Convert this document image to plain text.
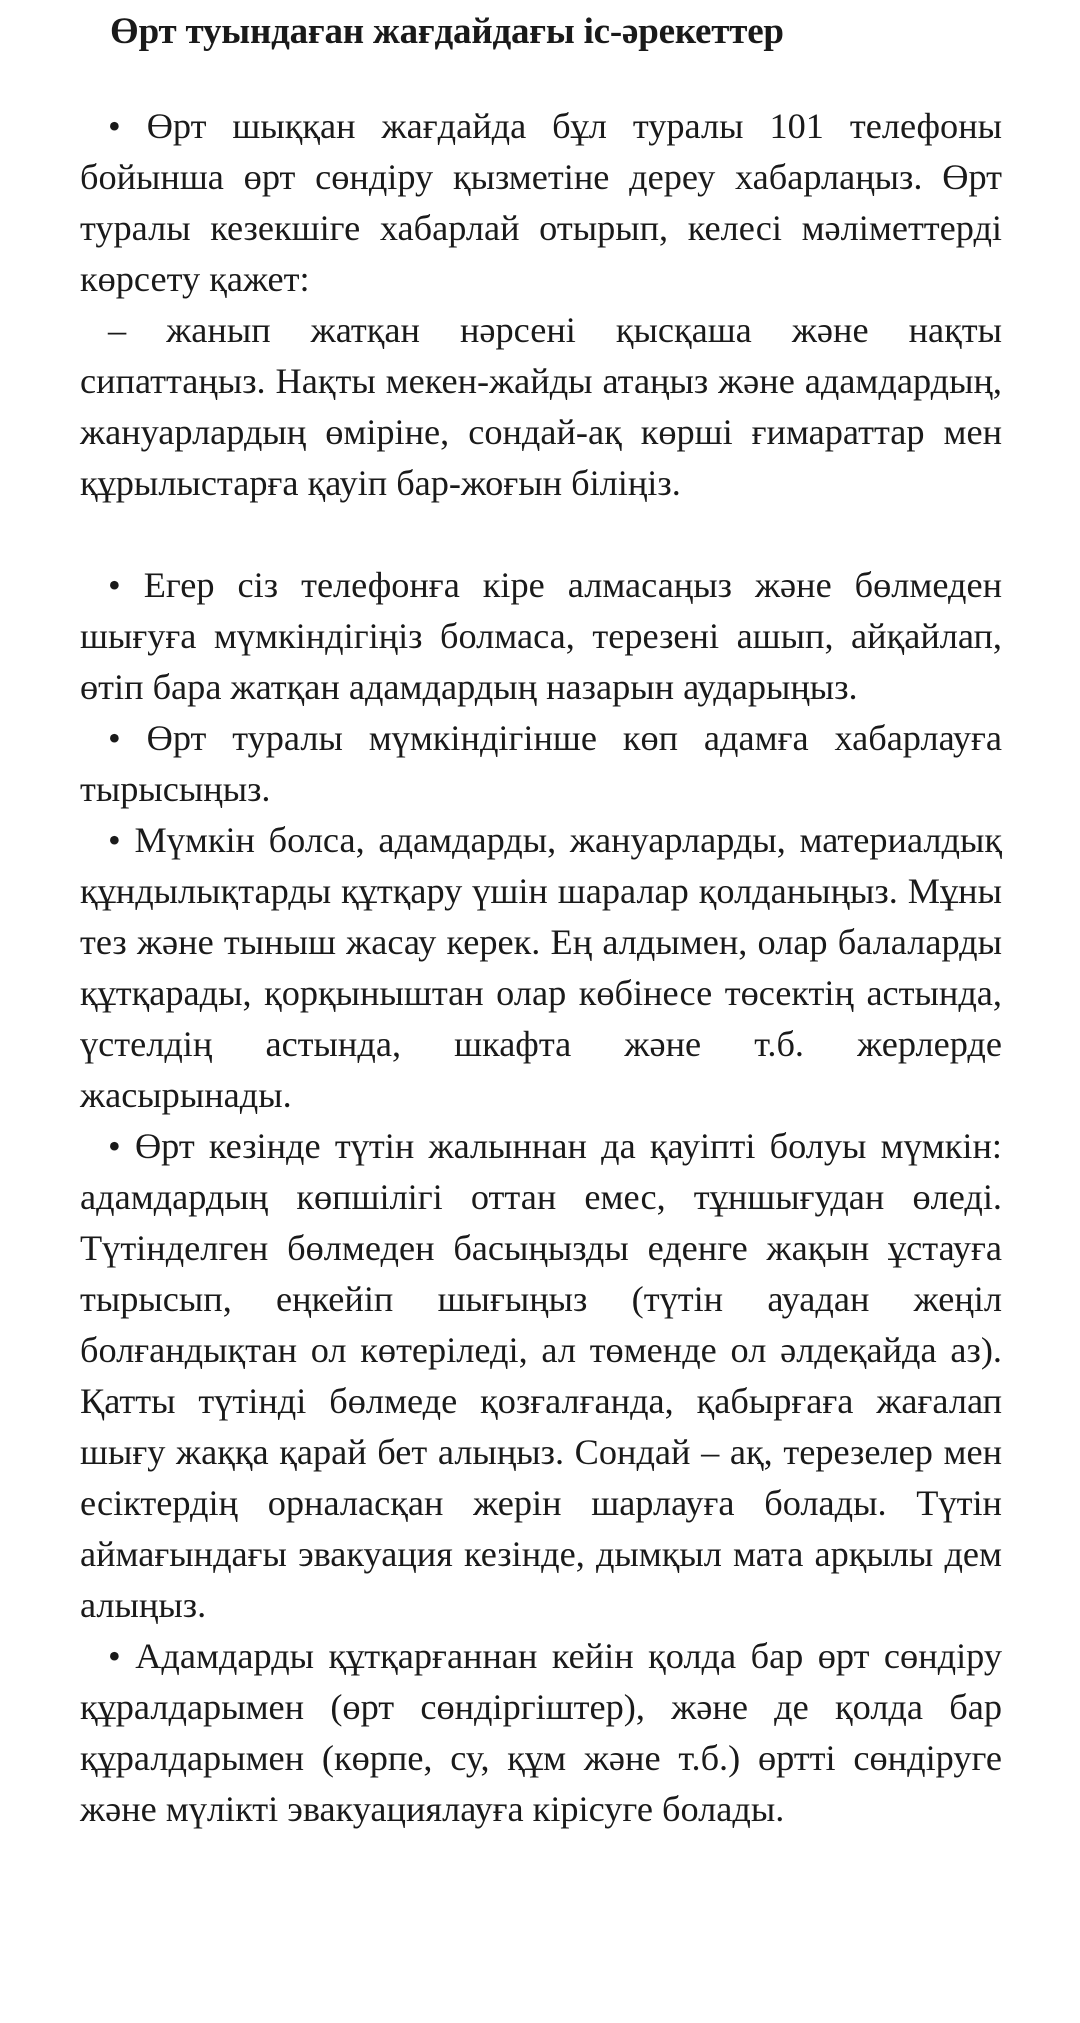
Өрт туындаған жағдайдағы іс-әрекеттер

• Өрт шыққан жағдайда бұл туралы 101 телефоны бойынша өрт сөндіру қызметіне дереу хабарлаңыз. Өрт туралы кезекшіге хабарлай отырып, келесі мәліметтерді көрсету қажет:

– жанып жатқан нәрсені қысқаша және нақты сипаттаңыз. Нақты мекен-жайды атаңыз және адамдардың, жануарлардың өміріне, сондай-ақ көрші ғимараттар мен құрылыстарға қауіп бар-жоғын біліңіз.

• Егер сіз телефонға кіре алмасаңыз және бөлмеден шығуға мүмкіндігіңіз болмаса, терезені ашып, айқайлап, өтіп бара жатқан адамдардың назарын аударыңыз.

• Өрт туралы мүмкіндігінше көп адамға хабарлауға тырысыңыз.

• Мүмкін болса, адамдарды, жануарларды, материалдық құндылықтарды құтқару үшін шаралар қолданыңыз. Мұны тез және тыныш жасау керек. Ең алдымен, олар балаларды құтқарады, қорқыныштан олар көбінесе төсектің астында, үстелдің астында, шкафта және т.б. жерлерде жасырынады.

• Өрт кезінде түтін жалыннан да қауіпті болуы мүмкін: адамдардың көпшілігі оттан емес, тұншығудан өледі. Түтінделген бөлмеден басыңызды еденге жақын ұстауға тырысып, еңкейіп шығыңыз (түтін ауадан жеңіл болғандықтан ол көтеріледі, ал төменде ол әлдеқайда аз). Қатты түтінді бөлмеде қозғалғанда, қабырғаға жағалап шығу жаққа қарай бет алыңыз. Сондай – ақ, терезелер мен есіктердің орналасқан жерін шарлауға болады. Түтін аймағындағы эвакуация кезінде, дымқыл мата арқылы дем алыңыз.

• Адамдарды құтқарғаннан кейін қолда бар өрт сөндіру құралдарымен (өрт сөндіргіштер), және де қолда бар құралдарымен (көрпе, су, құм және т.б.) өртті сөндіруге және мүлікті эвакуациялауға кірісуге болады.
